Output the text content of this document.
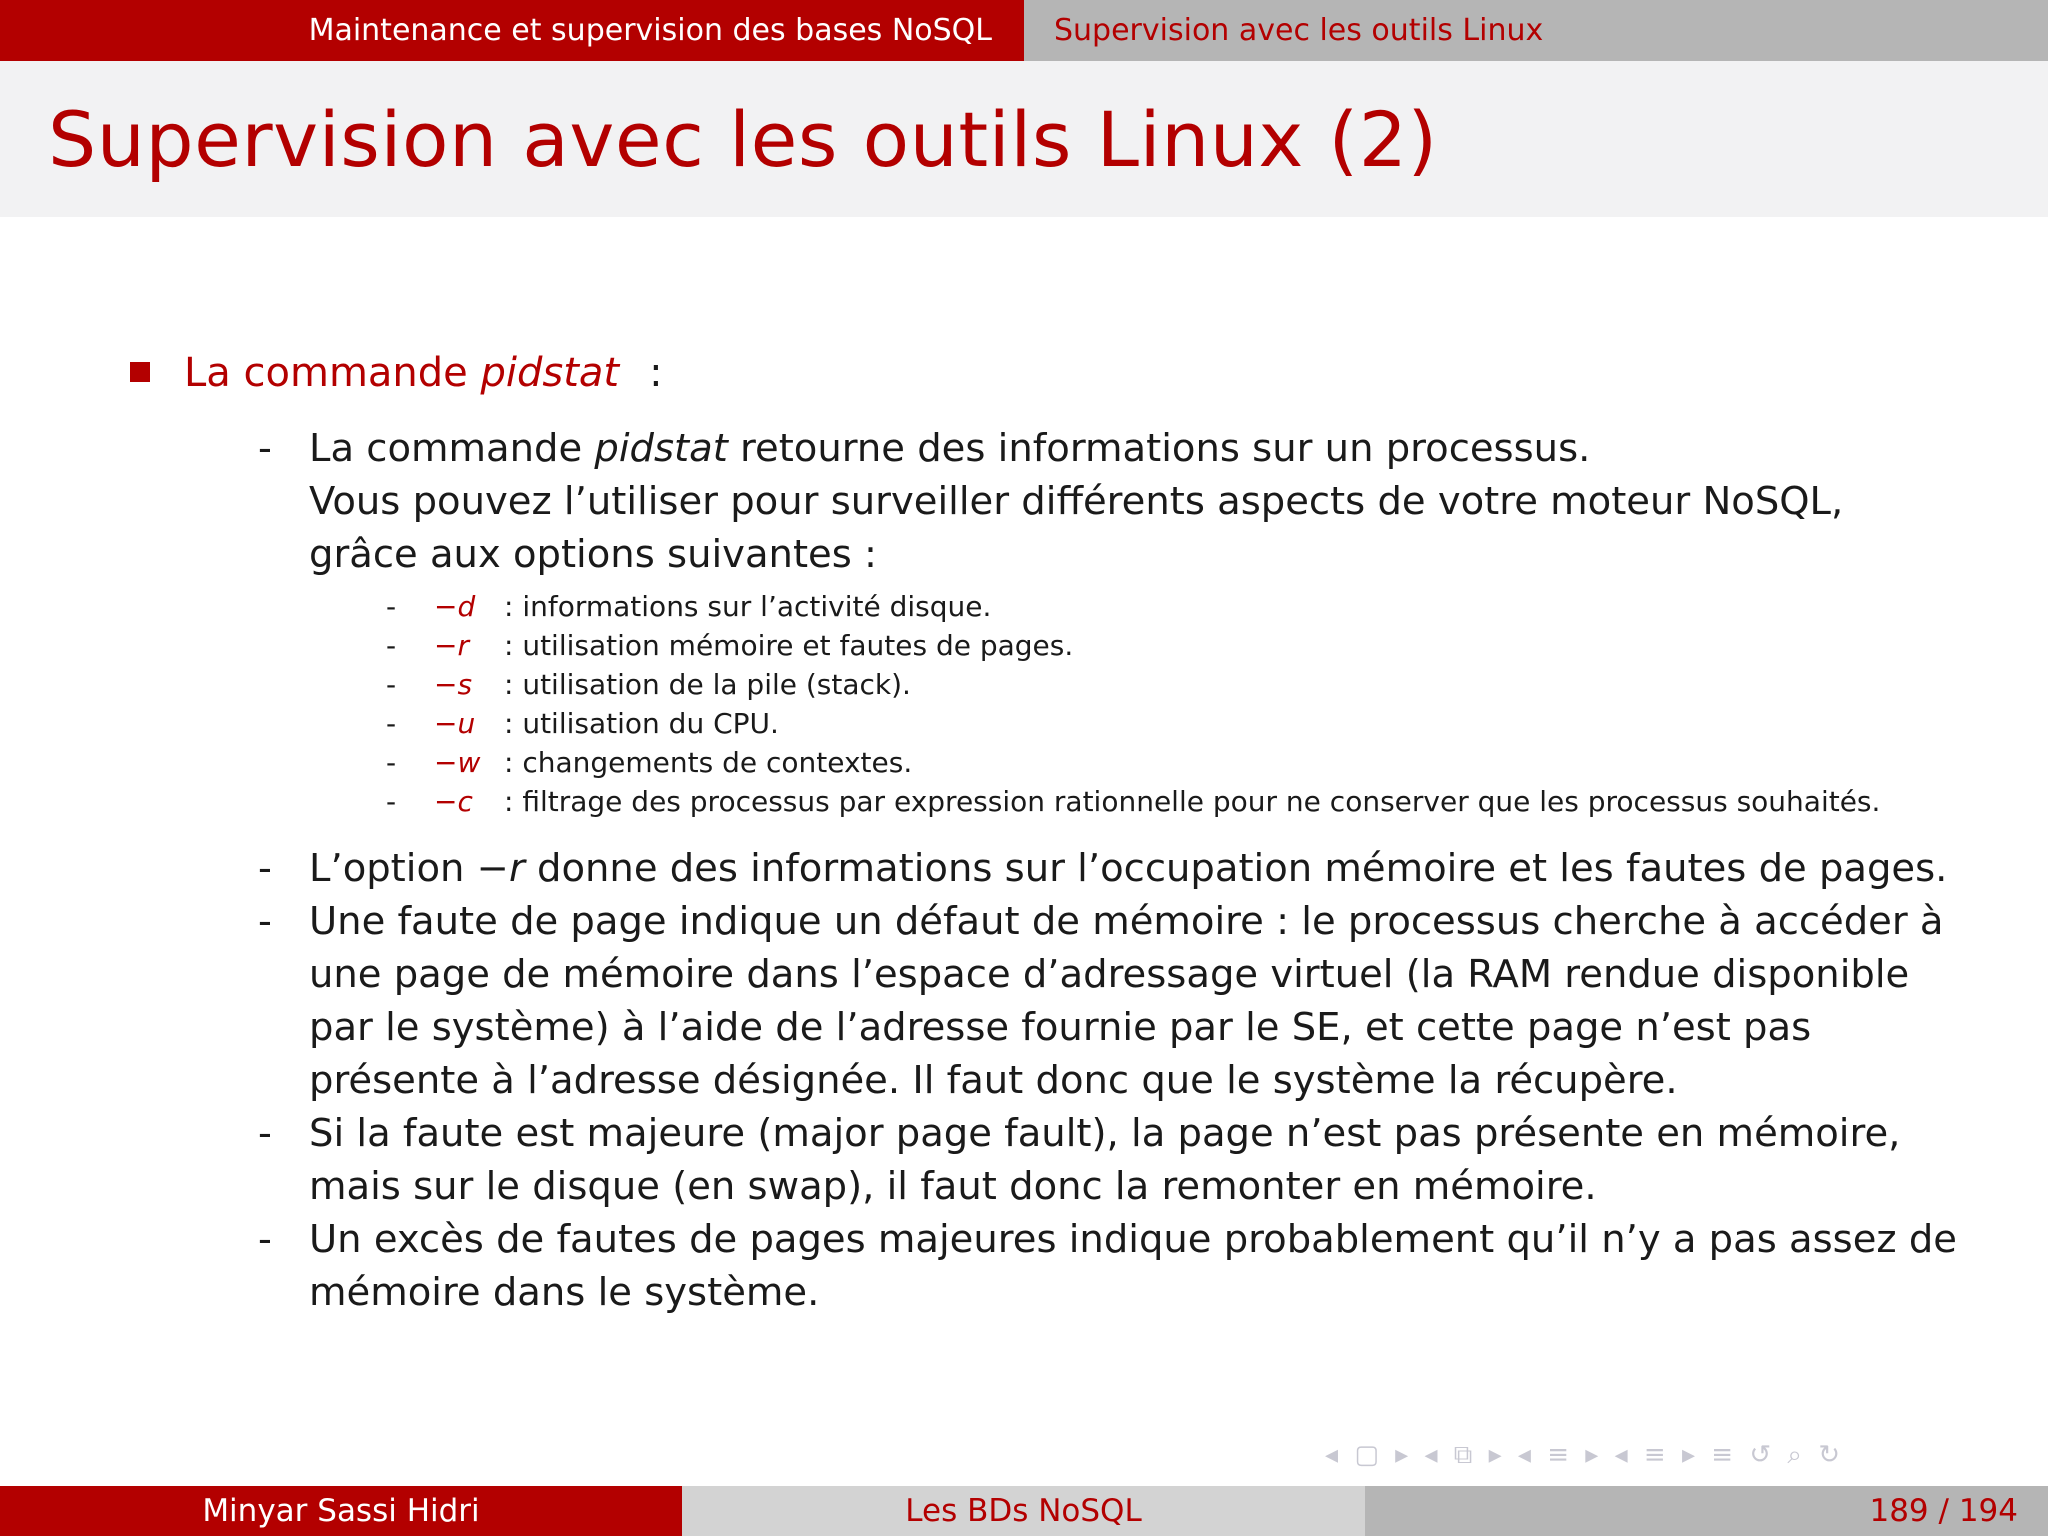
Maintenance et supervision des bases NoSQL	Supervision avec les outils Linux
Supervision avec les outils Linux (2)
La commande pidstat :
- La commande pidstat retourne des informations sur un processus.
Vous pouvez l’utiliser pour surveiller différents aspects de votre moteur NoSQL,
grâce aux options suivantes :
- −d : informations sur l’activité disque.
- −r : utilisation mémoire et fautes de pages.
- −s : utilisation de la pile (stack).
- −u : utilisation du CPU.
- −w : changements de contextes.
- −c : filtrage des processus par expression rationnelle pour ne conserver que les processus souhaités.
- L’option −r donne des informations sur l’occupation mémoire et les fautes de pages.
- Une faute de page indique un défaut de mémoire : le processus cherche à accéder à
une page de mémoire dans l’espace d’adressage virtuel (la RAM rendue disponible
par le système) à l’aide de l’adresse fournie par le SE, et cette page n’est pas
présente à l’adresse désignée. Il faut donc que le système la récupère.
- Si la faute est majeure (major page fault), la page n’est pas présente en mémoire,
mais sur le disque (en swap), il faut donc la remonter en mémoire.
- Un excès de fautes de pages majeures indique probablement qu’il n’y a pas assez de
mémoire dans le système.
◂ ▢ ▸ ◂ ⧉ ▸ ◂ ≡ ▸ ◂ ≡ ▸ ≡ ↺ ⌕ ↻
Minyar Sassi Hidri	Les BDs NoSQL	189
/
194
